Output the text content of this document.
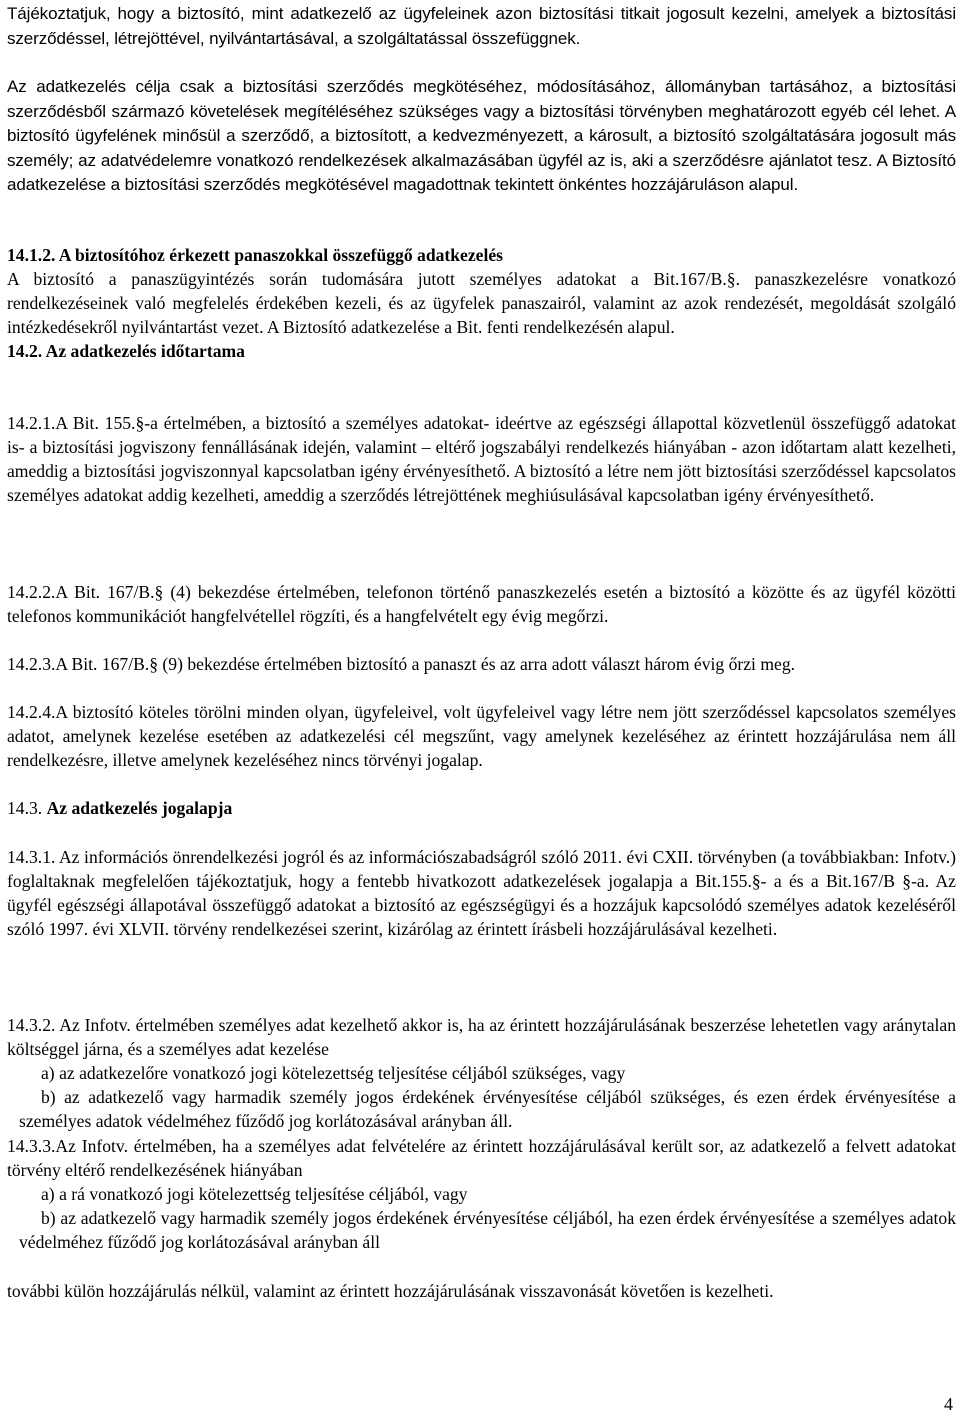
Tájékoztatjuk, hogy a biztosító, mint adatkezelő az ügyfeleinek azon biztosítási titkait jogosult kezelni, amelyek a biztosítási szerződéssel, létrejöttével, nyilvántartásával, a szolgáltatással összefüggnek.

Az adatkezelés célja csak a biztosítási szerződés megkötéséhez, módosításához, állományban tartásához, a biztosítási szerződésből származó követelések megítéléséhez szükséges vagy a biztosítási törvényben meghatározott egyéb cél lehet. A biztosító ügyfelének minősül a szerződő, a biztosított, a kedvezményezett, a károsult, a biztosító szolgáltatására jogosult más személy; az adatvédelemre vonatkozó rendelkezések alkalmazásában ügyfél az is, aki a szerződésre ajánlatot tesz. A Biztosító adatkezelése a biztosítási szerződés megkötésével magadottnak tekintett önkéntes hozzájáruláson alapul.

14.1.2. A biztosítóhoz érkezett panaszokkal összefüggő adatkezelés

A biztosító a panaszügyintézés során tudomására jutott személyes adatokat a Bit.167/B.§. panaszkezelésre vonatkozó rendelkezéseinek való megfelelés érdekében kezeli, és az ügyfelek panaszairól, valamint az azok rendezését, megoldását szolgáló intézkedésekről nyilvántartást vezet. A Biztosító adatkezelése a Bit. fenti rendelkezésén alapul.

14.2. Az adatkezelés időtartama

14.2.1.A Bit. 155.§-a értelmében, a biztosító a személyes adatokat- ideértve az egészségi állapottal közvetlenül összefüggő adatokat is- a biztosítási jogviszony fennállásának idején, valamint – eltérő jogszabályi rendelkezés hiányában - azon időtartam alatt kezelheti, ameddig a biztosítási jogviszonnyal kapcsolatban igény érvényesíthető. A biztosító a létre nem jött biztosítási szerződéssel kapcsolatos személyes adatokat addig kezelheti, ameddig a szerződés létrejöttének meghiúsulásával kapcsolatban igény érvényesíthető.

14.2.2.A Bit. 167/B.§ (4) bekezdése értelmében, telefonon történő panaszkezelés esetén a biztosító a közötte és az ügyfél közötti telefonos kommunikációt hangfelvétellel rögzíti, és a hangfelvételt egy évig megőrzi.

14.2.3.A Bit. 167/B.§ (9) bekezdése értelmében biztosító a panaszt és az arra adott választ három évig őrzi meg.

14.2.4.A biztosító köteles törölni minden olyan, ügyfeleivel, volt ügyfeleivel vagy létre nem jött szerződéssel kapcsolatos személyes adatot, amelynek kezelése esetében az adatkezelési cél megszűnt, vagy amelynek kezeléséhez az érintett hozzájárulása nem áll rendelkezésre, illetve amelynek kezeléséhez nincs törvényi jogalap.

14.3. Az adatkezelés jogalapja

14.3.1. Az információs önrendelkezési jogról és az információszabadságról szóló 2011. évi CXII. törvényben (a továbbiakban: Infotv.) foglaltaknak megfelelően tájékoztatjuk, hogy a fentebb hivatkozott adatkezelések jogalapja a Bit.155.§- a és a Bit.167/B §-a. Az ügyfél egészségi állapotával összefüggő adatokat a biztosító az egészségügyi és a hozzájuk kapcsolódó személyes adatok kezeléséről szóló 1997. évi XLVII. törvény rendelkezései szerint, kizárólag az érintett írásbeli hozzájárulásával kezelheti.

14.3.2. Az Infotv. értelmében személyes adat kezelhető akkor is, ha az érintett hozzájárulásának beszerzése lehetetlen vagy aránytalan költséggel járna, és a személyes adat kezelése

a) az adatkezelőre vonatkozó jogi kötelezettség teljesítése céljából szükséges, vagy

b) az adatkezelő vagy harmadik személy jogos érdekének érvényesítése céljából szükséges, és ezen érdek érvényesítése a személyes adatok védelméhez fűződő jog korlátozásával arányban áll.

14.3.3.Az Infotv. értelmében, ha a személyes adat felvételére az érintett hozzájárulásával került sor, az adatkezelő a felvett adatokat törvény eltérő rendelkezésének hiányában

a) a rá vonatkozó jogi kötelezettség teljesítése céljából, vagy

b) az adatkezelő vagy harmadik személy jogos érdekének érvényesítése céljából, ha ezen érdek érvényesítése a személyes adatok védelméhez fűződő jog korlátozásával arányban áll

további külön hozzájárulás nélkül, valamint az érintett hozzájárulásának visszavonását követően is kezelheti.

4
